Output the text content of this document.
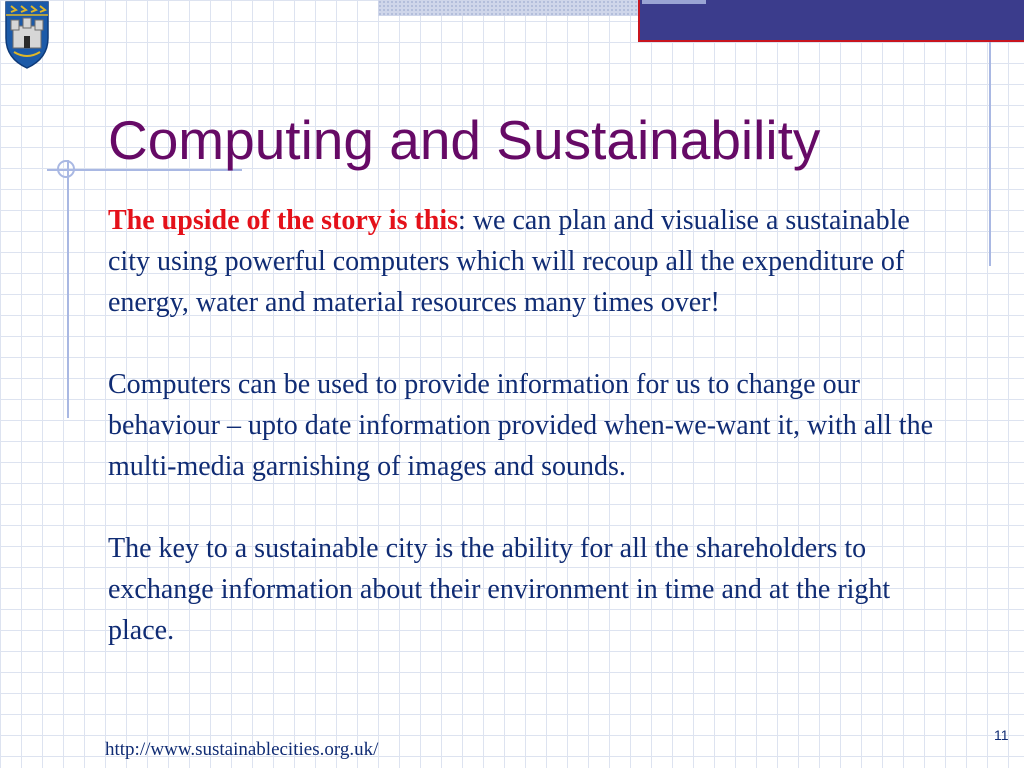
Computing and Sustainability

The upside of the story is this: we can plan and visualise a sustainable city using powerful computers which will recoup all the expenditure of energy, water and material resources many times over!

Computers can be used to provide information for us to change our behaviour – upto date information provided when-we-want it, with all the multi-media garnishing of images and sounds.

The key to a sustainable city is the ability for all the shareholders to exchange information about their environment in time and at the right place.

http://www.sustainablecities.org.uk/
11
